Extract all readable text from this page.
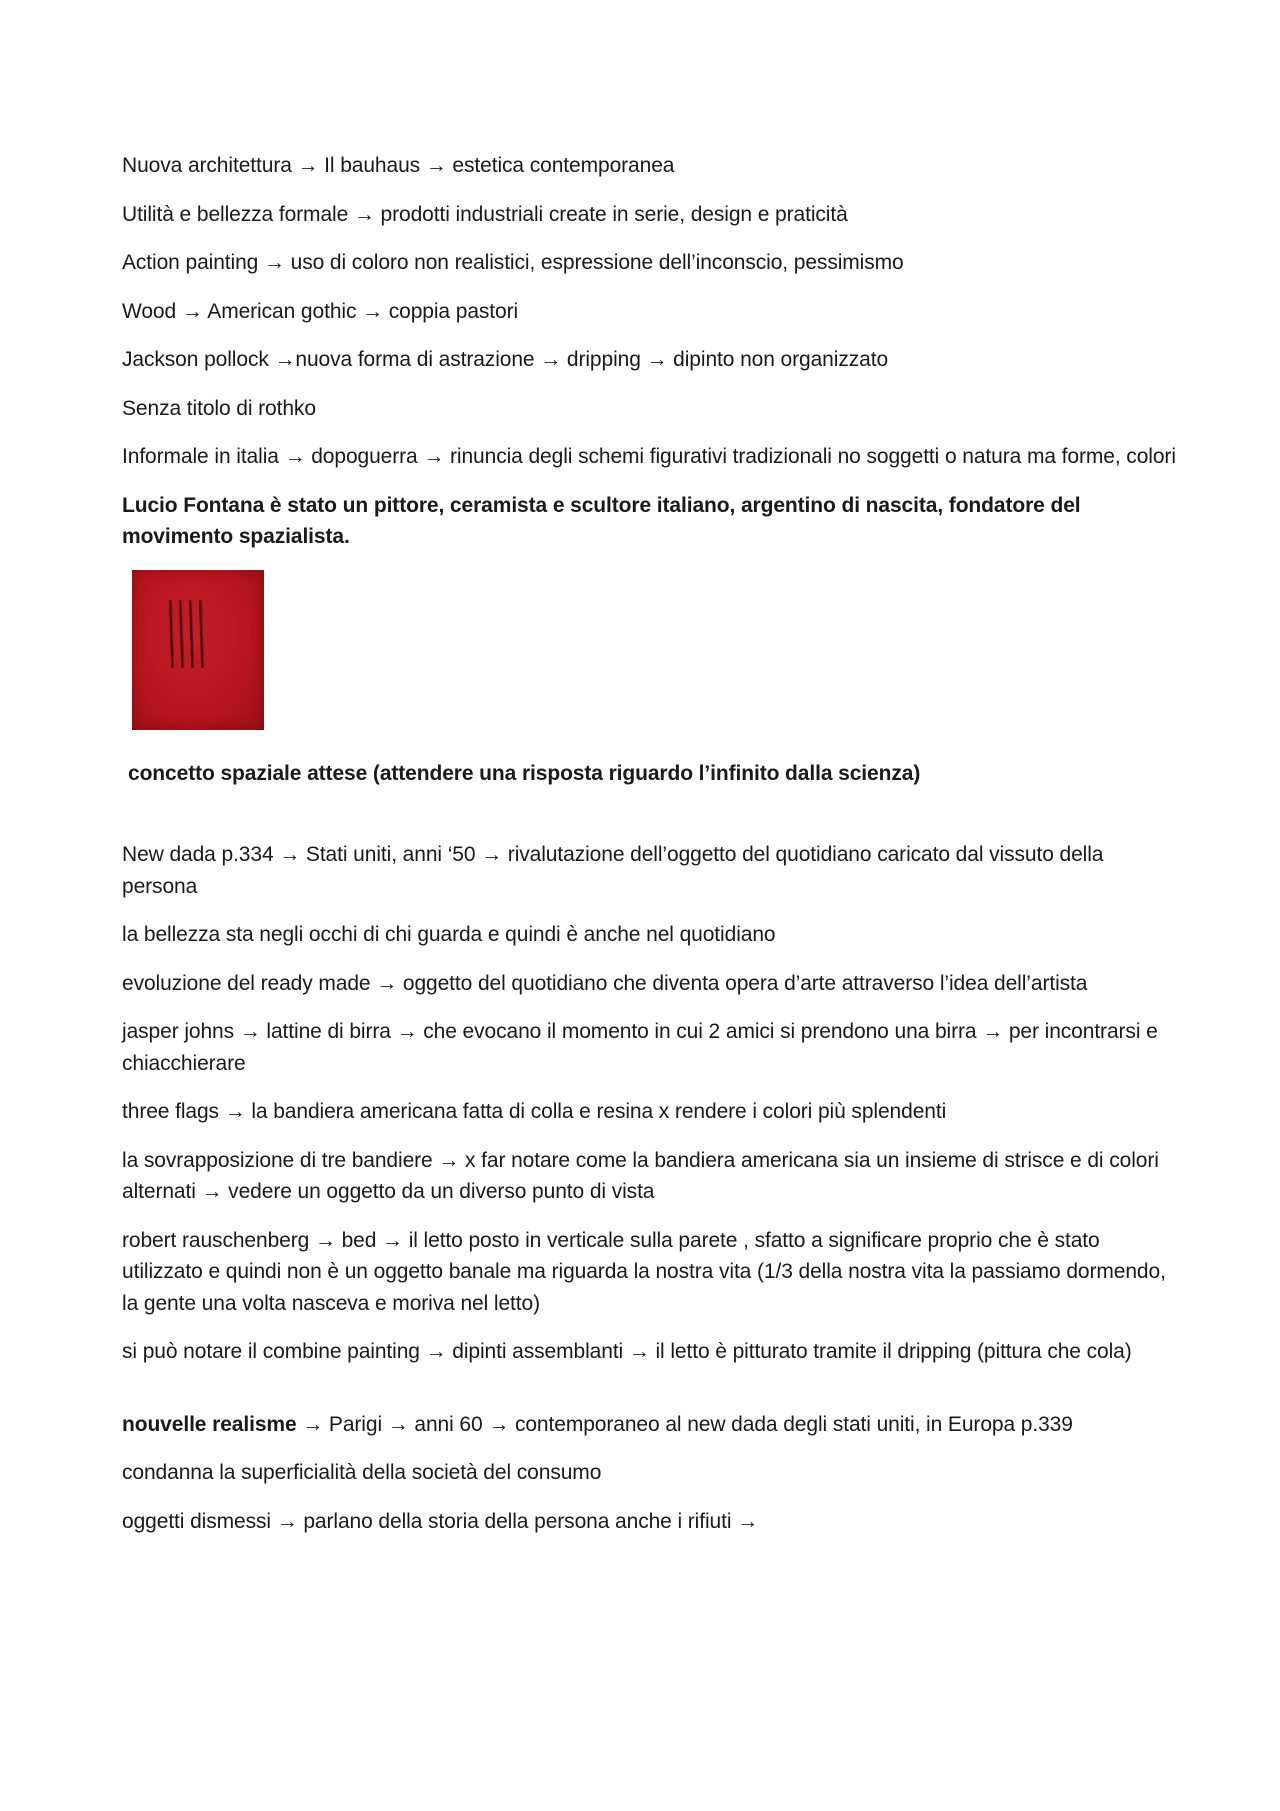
Nuova architettura → Il bauhaus → estetica contemporanea

Utilità e bellezza formale → prodotti industriali create in serie, design e praticità

Action painting → uso di coloro non realistici, espressione dell’inconscio, pessimismo

Wood → American gothic → coppia pastori

Jackson pollock →nuova forma di astrazione → dripping → dipinto non organizzato

Senza titolo di rothko

Informale in italia → dopoguerra → rinuncia degli schemi figurativi tradizionali no soggetti o natura ma forme, colori

Lucio Fontana è stato un pittore, ceramista e scultore italiano, argentino di nascita, fondatore del movimento spazialista.

concetto spaziale attese (attendere una risposta riguardo l’infinito dalla scienza)

New dada p.334 → Stati uniti, anni ‘50 → rivalutazione dell’oggetto del quotidiano caricato dal vissuto della persona

la bellezza sta negli occhi di chi guarda e quindi è anche nel quotidiano

evoluzione del ready made → oggetto del quotidiano che diventa opera d’arte attraverso l’idea dell’artista

jasper johns → lattine di birra → che evocano il momento in cui 2 amici si prendono una birra → per incontrarsi e chiacchierare

three flags → la bandiera americana fatta di colla e resina x rendere i colori più splendenti

la sovrapposizione di tre bandiere → x far notare come la bandiera americana sia un insieme di strisce e di colori alternati → vedere un oggetto da un diverso punto di vista

robert rauschenberg → bed → il letto posto in verticale sulla parete , sfatto a significare proprio che è stato utilizzato e quindi non è un oggetto banale ma riguarda la nostra vita (1/3 della nostra vita la passiamo dormendo, la gente una volta nasceva e moriva nel letto)

si può notare il combine painting → dipinti assemblanti → il letto è pitturato tramite il dripping (pittura che cola)

nouvelle realisme → Parigi → anni 60 → contemporaneo al new dada degli stati uniti, in Europa p.339

condanna la superficialità della società del consumo

oggetti dismessi → parlano della storia della persona anche i rifiuti →
